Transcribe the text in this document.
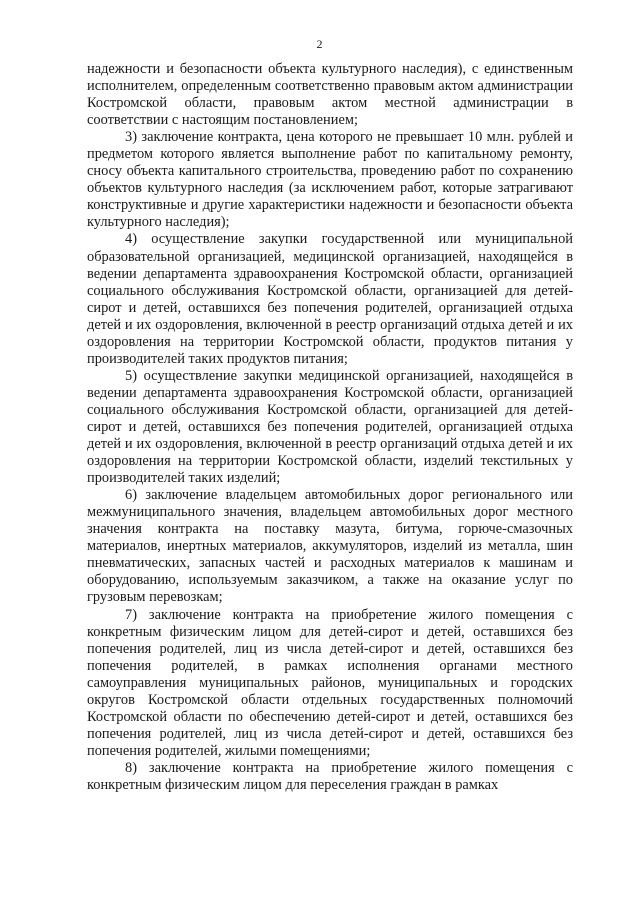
2

надежности и безопасности объекта культурного наследия), с единственным исполнителем, определенным соответственно правовым актом администрации Костромской области, правовым актом местной администрации в соответствии с настоящим постановлением;

3) заключение контракта, цена которого не превышает 10 млн. рублей и предметом которого является выполнение работ по капитальному ремонту, сносу объекта капитального строительства, проведению работ по сохранению объектов культурного наследия (за исключением работ, которые затрагивают конструктивные и другие характеристики надежности и безопасности объекта культурного наследия);

4) осуществление закупки государственной или муниципальной образовательной организацией, медицинской организацией, находящейся в ведении департамента здравоохранения Костромской области, организацией социального обслуживания Костромской области, организацией для детей-сирот и детей, оставшихся без попечения родителей, организацией отдыха детей и их оздоровления, включенной в реестр организаций отдыха детей и их оздоровления на территории Костромской области, продуктов питания у производителей таких продуктов питания;

5) осуществление закупки медицинской организацией, находящейся в ведении департамента здравоохранения Костромской области, организацией социального обслуживания Костромской области, организацией для детей-сирот и детей, оставшихся без попечения родителей, организацией отдыха детей и их оздоровления, включенной в реестр организаций отдыха детей и их оздоровления на территории Костромской области, изделий текстильных у производителей таких изделий;

6) заключение владельцем автомобильных дорог регионального или межмуниципального значения, владельцем автомобильных дорог местного значения контракта на поставку мазута, битума, горюче-смазочных материалов, инертных материалов, аккумуляторов, изделий из металла, шин пневматических, запасных частей и расходных материалов к машинам и оборудованию, используемым заказчиком, а также на оказание услуг по грузовым перевозкам;

7) заключение контракта на приобретение жилого помещения с конкретным физическим лицом для детей-сирот и детей, оставшихся без попечения родителей, лиц из числа детей-сирот и детей, оставшихся без попечения родителей, в рамках исполнения органами местного самоуправления муниципальных районов, муниципальных и городских округов Костромской области отдельных государственных полномочий Костромской области по обеспечению детей-сирот и детей, оставшихся без попечения родителей, лиц из числа детей-сирот и детей, оставшихся без попечения родителей, жилыми помещениями;

8) заключение контракта на приобретение жилого помещения с конкретным физическим лицом для переселения граждан в рамках
